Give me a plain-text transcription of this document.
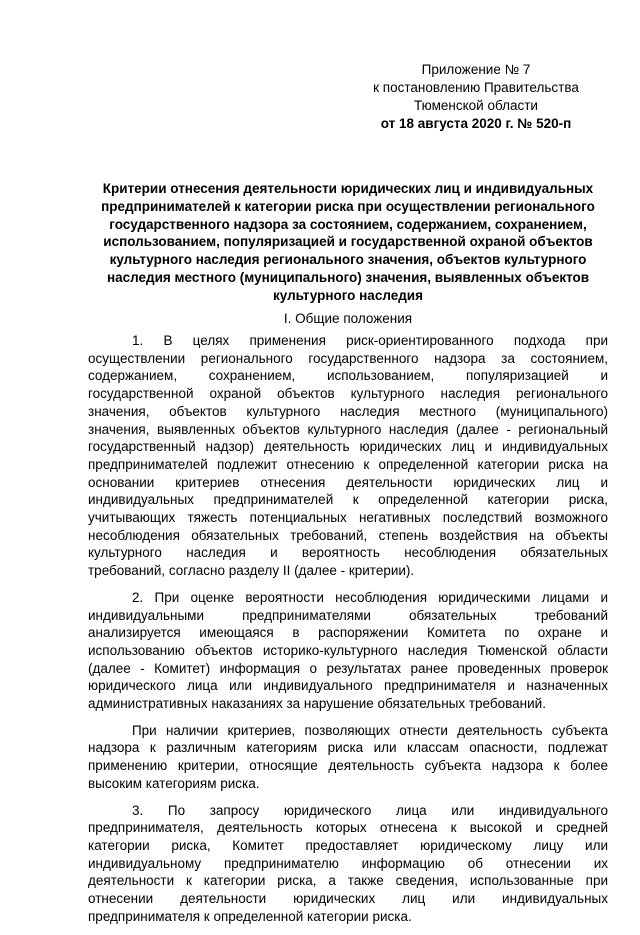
Приложение № 7
к постановлению Правительства
Тюменской области
от 18 августа 2020 г. № 520-п
Критерии отнесения деятельности юридических лиц и индивидуальных
предпринимателей к категории риска при осуществлении регионального
государственного надзора за состоянием, содержанием, сохранением,
использованием, популяризацией и государственной охраной объектов
культурного наследия регионального значения, объектов культурного
наследия местного (муниципального) значения, выявленных объектов
культурного наследия
I. Общие положения
1. В целях применения риск-ориентированного подхода при
осуществлении регионального государственного надзора за состоянием,
содержанием, сохранением, использованием, популяризацией и
государственной охраной объектов культурного наследия регионального
значения, объектов культурного наследия местного (муниципального)
значения, выявленных объектов культурного наследия (далее - региональный
государственный надзор) деятельность юридических лиц и индивидуальных
предпринимателей подлежит отнесению к определенной категории риска на
основании критериев отнесения деятельности юридических лиц и
индивидуальных предпринимателей к определенной категории риска,
учитывающих тяжесть потенциальных негативных последствий возможного
несоблюдения обязательных требований, степень воздействия на объекты
культурного наследия и вероятность несоблюдения обязательных
требований, согласно разделу II (далее - критерии).
2. При оценке вероятности несоблюдения юридическими лицами и
индивидуальными предпринимателями обязательных требований
анализируется имеющаяся в распоряжении Комитета по охране и
использованию объектов историко-культурного наследия Тюменской области
(далее - Комитет) информация о результатах ранее проведенных проверок
юридического лица или индивидуального предпринимателя и назначенных
административных наказаниях за нарушение обязательных требований.
При наличии критериев, позволяющих отнести деятельность субъекта
надзора к различным категориям риска или классам опасности, подлежат
применению критерии, относящие деятельность субъекта надзора к более
высоким категориям риска.
3. По запросу юридического лица или индивидуального
предпринимателя, деятельность которых отнесена к высокой и средней
категории риска, Комитет предоставляет юридическому лицу или
индивидуальному предпринимателю информацию об отнесении их
деятельности к категории риска, а также сведения, использованные при
отнесении деятельности юридических лиц или индивидуальных
предпринимателя к определенной категории риска.
